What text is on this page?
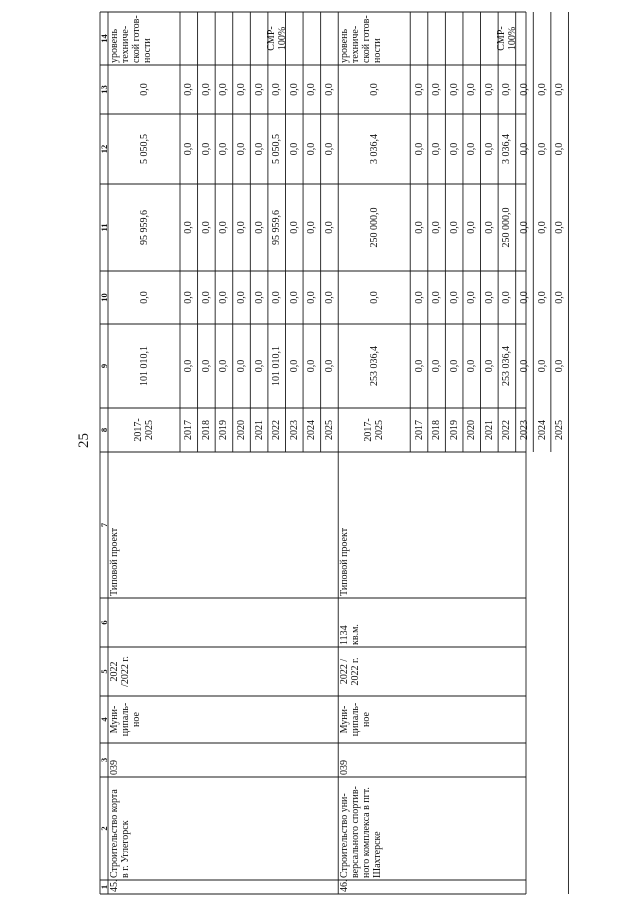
25
1
2
3
4
5
6
7
8
9
10
11
12
13
14
45.
Строительство корта
в г. Углегорск
039
Муни-
ципаль-
ное
2022
/2022 г.
Типовой проект
2017-
2025
101 010,1
0,0
95 959,6
5 050,5
0,0
уровень
техниче-
ской готов-
ности
2017
0,0
0,0
0,0
0,0
0,0
2018
0,0
0,0
0,0
0,0
0,0
2019
0,0
0,0
0,0
0,0
0,0
2020
0,0
0,0
0,0
0,0
0,0
2021
0,0
0,0
0,0
0,0
0,0
2022
101 010,1
0,0
95 959,6
5 050,5
0,0
СМР- 100%
2023
0,0
0,0
0,0
0,0
0,0
2024
0,0
0,0
0,0
0,0
0,0
2025
0,0
0,0
0,0
0,0
0,0
46.
Строительство уни-
версального спортив-
ного комплекса в пгт.
Шахтерске
039
Муни-
ципаль-
ное
2022 /
2022 г.
1134
кв.м.
Типовой проект
2017-
2025
253 036,4
0,0
250 000,0
3 036,4
0,0
уровень
техниче-
ской готов-
ности
2017
0,0
0,0
0,0
0,0
0,0
2018
0,0
0,0
0,0
0,0
0,0
2019
0,0
0,0
0,0
0,0
0,0
2020
0,0
0,0
0,0
0,0
0,0
2021
0,0
0,0
0,0
0,0
0,0
2022
253 036,4
0,0
250 000,0
3 036,4
0,0
СМР- 100%
2023
0,0
0,0
0,0
0,0
0,0
2024
0,0
0,0
0,0
0,0
0,0
2025
0,0
0,0
0,0
0,0
0,0
